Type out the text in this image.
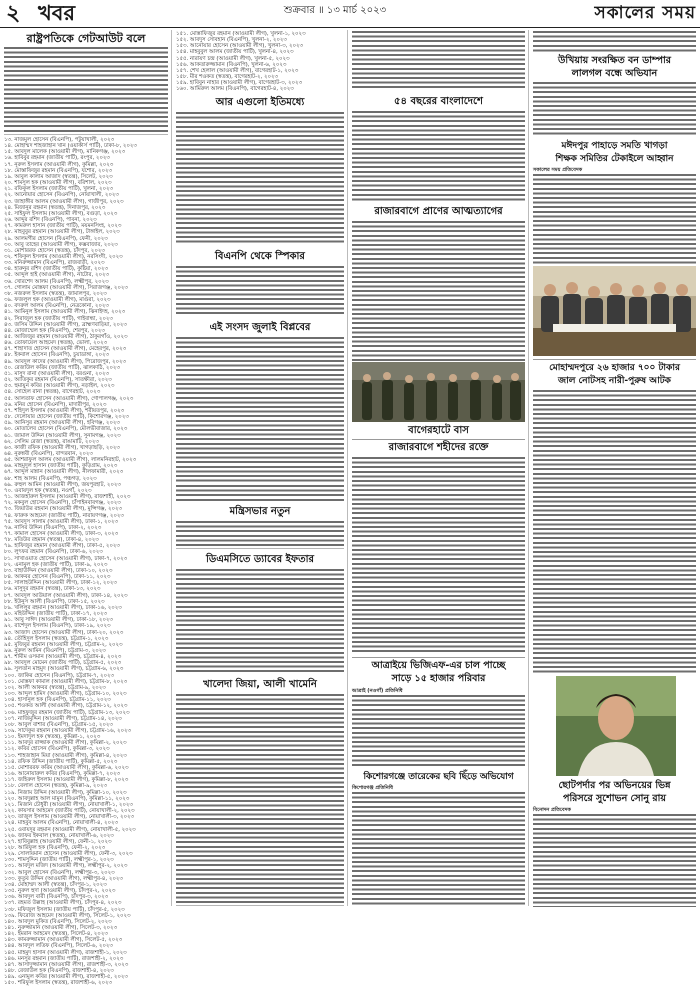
২ খবর	শুক্রবার ॥ ১৩ মার্চ ২০২৩	সকালের সময়
রাষ্ট্রপতিকে গেটআউট বলে
১৩. নাজমুল হোসেন (বিএনপি), পটুয়াখালী, ২০২৩
১৪. মোহাম্মদ শাহজাহান খান (ওয়ার্কার্স পার্টি), ঢাকা-৮, ২০২৩
১৫. আবদুল মালেক (আওয়ামী লীগ), মানিকগঞ্জ, ২০২৩
১৬. হাবিবুর রহমান (জাতীয় পার্টি), রংপুর, ২০২৩
১৭. নূরুল ইসলাম (আওয়ামী লীগ), কুমিল্লা, ২০২৩
১৮. মোস্তাফিজুর রহমান (বিএনপি), যশোর, ২০২৩
১৯. আবুল কালাম আজাদ (স্বতন্ত্র), সিলেট, ২০২৩
২০. শামসুল হক (আওয়ামী লীগ), বরিশাল, ২০২৩
২১. রফিকুল ইসলাম (জাতীয় পার্টি), খুলনা, ২০২৩
২২. আনোয়ার হোসেন (বিএনপি), নোয়াখালী, ২০২৩
২৩. জাহাঙ্গীর আলম (আওয়ামী লীগ), গাজীপুর, ২০২৩
২৪. মিজানুর রহমান (স্বতন্ত্র), দিনাজপুর, ২০২৩
২৫. সাইফুল ইসলাম (আওয়ামী লীগ), বগুড়া, ২০২৩
২৬. আব্দুর রশিদ (বিএনপি), পাবনা, ২০২৩
২৭. কামরুল হাসান (জাতীয় পার্টি), ময়মনসিংহ, ২০২৩
২৮. মাহবুবুর রহমান (আওয়ামী লীগ), টাঙ্গাইল, ২০২৩
২৯. আলমগীর হোসেন (বিএনপি), ফেনী, ২০২৩
৩০. আবু তাহের (আওয়ামী লীগ), কক্সবাজার, ২০২৩
৩১. মোশাররফ হোসেন (স্বতন্ত্র), চাঁদপুর, ২০২৩
৩২. শফিকুল ইসলাম (আওয়ামী লীগ), নরসিংদী, ২০২৩
৩৩. মনিরুজ্জামান (বিএনপি), রাজবাড়ী, ২০২৩
৩৪. হারুনুর রশিদ (জাতীয় পার্টি), কুষ্টিয়া, ২০২৩
৩৫. আব্দুল হাই (আওয়ামী লীগ), নাটোর, ২০২৩
৩৬. খোরশেদ আলম (বিএনপি), লক্ষ্মীপুর, ২০২৩
৩৭. গোলাম মোস্তফা (আওয়ামী লীগ), সিরাজগঞ্জ, ২০২৩
৩৮. নজরুল ইসলাম (স্বতন্ত্র), জামালপুর, ২০২৩
৩৯. ফজলুল হক (আওয়ামী লীগ), মাগুরা, ২০২৩
৪০. বদরুল আলম (বিএনপি), নেত্রকোনা, ২০২৩
৪১. আমিনুল ইসলাম (আওয়ামী লীগ), ঝিনাইদহ, ২০২৩
৪২. সিরাজুল হক (জাতীয় পার্টি), গাইবান্ধা, ২০২৩
৪৩. জসিম উদ্দিন (আওয়ামী লীগ), ব্রাহ্মণবাড়িয়া, ২০২৩
৪৪. মোজাম্মেল হক (বিএনপি), শেরপুর, ২০২৩
৪৫. আজিজুর রহমান (আওয়ামী লীগ), ঠাকুরগাঁও, ২০২৩
৪৬. তোফায়েল আহমেদ (স্বতন্ত্র), ভোলা, ২০২৩
৪৭. শাহাদাত হোসেন (আওয়ামী লীগ), মেহেরপুর, ২০২৩
৪৮. ইকবাল হোসেন (বিএনপি), চুয়াডাঙ্গা, ২০২৩
৪৯. আবদুল কাদের (আওয়ামী লীগ), পিরোজপুর, ২০২৩
৫০. রেজাউল করিম (জাতীয় পার্টি), ঝালকাঠি, ২০২৩
৫১. মাসুদ রানা (আওয়ামী লীগ), বরগুনা, ২০২৩
৫২. আতিকুর রহমান (বিএনপি), সাতক্ষীরা, ২০২৩
৫৩. হুমায়ুন কবির (আওয়ামী লীগ), নড়াইল, ২০২৩
৫৪. সোহেল রানা (স্বতন্ত্র), বাগেরহাট, ২০২৩
৫৫. আলতাফ হোসেন (আওয়ামী লীগ), গোপালগঞ্জ, ২০২৩
৫৬. মনির হোসেন (বিএনপি), মাদারীপুর, ২০২৩
৫৭. শহিদুল ইসলাম (আওয়ামী লীগ), শরীয়তপুর, ২০২৩
৫৮. দেলোয়ার হোসেন (জাতীয় পার্টি), কিশোরগঞ্জ, ২০২৩
৫৯. আনিসুর রহমান (আওয়ামী লীগ), হবিগঞ্জ, ২০২৩
৬০. মোতালেব হোসেন (বিএনপি), মৌলভীবাজার, ২০২৩
৬১. জামাল উদ্দিন (আওয়ামী লীগ), সুনামগঞ্জ, ২০২৩
৬২. সেলিম রেজা (স্বতন্ত্র), রাঙামাটি, ২০২৩
৬৩. কাজী রফিক (আওয়ামী লীগ), খাগড়াছড়ি, ২০২৩
৬৪. নুরুন্নবী (বিএনপি), বান্দরবান, ২০২৩
৬৫. আশরাফুল আলম (আওয়ামী লীগ), লালমনিরহাট, ২০২৩
৬৬. মাহমুদুল হাসান (জাতীয় পার্টি), কুড়িগ্রাম, ২০২৩
৬৭. আব্দুল মান্নান (আওয়ামী লীগ), নীলফামারী, ২০২৩
৬৮. শাহ আলম (বিএনপি), পঞ্চগড়, ২০২৩
৬৯. রুহুল আমিন (আওয়ামী লীগ), জয়পুরহাট, ২০২৩
৭০. ওবায়দুল হক (স্বতন্ত্র), নওগাঁ, ২০২৩
৭১. আজহারুল ইসলাম (আওয়ামী লীগ), রাজশাহী, ২০২৩
৭২. মকবুল হোসেন (বিএনপি), চাঁপাইনবাবগঞ্জ, ২০২৩
৭৩. জিয়াউর রহমান (আওয়ামী লীগ), মুন্সিগঞ্জ, ২০২৩
৭৪. ফারুক আহমেদ (জাতীয় পার্টি), নারায়ণগঞ্জ, ২০২৩
৭৫. আবদুস সালাম (আওয়ামী লীগ), ঢাকা-১, ২০২৩
৭৬. নাসির উদ্দিন (বিএনপি), ঢাকা-২, ২০২৩
৭৭. কামাল হোসেন (আওয়ামী লীগ), ঢাকা-৩, ২০২৩
৭৮. মতিউর রহমান (স্বতন্ত্র), ঢাকা-৪, ২০২৩
৭৯. হাফিজুর রহমান (আওয়ামী লীগ), ঢাকা-৫, ২০২৩
৮০. লুৎফর রহমান (বিএনপি), ঢাকা-৬, ২০২৩
৮১. সাখাওয়াত হোসেন (আওয়ামী লীগ), ঢাকা-৭, ২০২৩
৮২. এনামুল হক (জাতীয় পার্টি), ঢাকা-৯, ২০২৩
৮৩. বাহাউদ্দিন (আওয়ামী লীগ), ঢাকা-১০, ২০২৩
৮৪. আকবর হোসেন (বিএনপি), ঢাকা-১১, ২০২৩
৮৫. সালাহউদ্দিন (আওয়ামী লীগ), ঢাকা-১২, ২০২৩
৮৬. মাসুদুর রহমান (স্বতন্ত্র), ঢাকা-১৩, ২০২৩
৮৭. আবদুল আউয়াল (আওয়ামী লীগ), ঢাকা-১৪, ২০২৩
৮৮. ইউনুস আলী (বিএনপি), ঢাকা-১৫, ২০২৩
৮৯. খলিলুর রহমান (আওয়ামী লীগ), ঢাকা-১৬, ২০২৩
৯০. মহিউদ্দিন (জাতীয় পার্টি), ঢাকা-১৭, ২০২৩
৯১. আবু সাঈদ (আওয়ামী লীগ), ঢাকা-১৮, ২০২৩
৯২. রাশেদুল ইসলাম (বিএনপি), ঢাকা-১৯, ২০২৩
৯৩. আজাদ হোসেন (আওয়ামী লীগ), ঢাকা-২০, ২০২৩
৯৪. তৌহিদুল ইসলাম (স্বতন্ত্র), চট্টগ্রাম-১, ২০২৩
৯৫. মুজিবুর রহমান (আওয়ামী লীগ), চট্টগ্রাম-২, ২০২৩
৯৬. নুরুল আমিন (বিএনপি), চট্টগ্রাম-৩, ২০২৩
৯৭. শামীম ওসমান (আওয়ামী লীগ), চট্টগ্রাম-৪, ২০২৩
৯৮. আবদুল মোমেন (জাতীয় পার্টি), চট্টগ্রাম-৫, ২০২৩
৯৯. সুলতান মাহমুদ (আওয়ামী লীগ), চট্টগ্রাম-৬, ২০২৩
১০০. জাকির হোসেন (বিএনপি), চট্টগ্রাম-৭, ২০২৩
১০১. মোস্তফা কামাল (আওয়ামী লীগ), চট্টগ্রাম-৮, ২০২৩
১০২. আলী আকবর (স্বতন্ত্র), চট্টগ্রাম-৯, ২০২৩
১০৩. আব্দুল হামিদ (আওয়ামী লীগ), চট্টগ্রাম-১০, ২০২৩
১০৪. হাসানুল হক (বিএনপি), চট্টগ্রাম-১১, ২০২৩
১০৫. শওকত আলী (আওয়ামী লীগ), চট্টগ্রাম-১২, ২০২৩
১০৬. মাহফুজুর রহমান (জাতীয় পার্টি), চট্টগ্রাম-১৩, ২০২৩
১০৭. নাজিমুদ্দিন (আওয়ামী লীগ), চট্টগ্রাম-১৪, ২০২৩
১০৮. আবুল বাশার (বিএনপি), চট্টগ্রাম-১৫, ২০২৩
১০৯. সাদেকুর রহমান (আওয়ামী লীগ), চট্টগ্রাম-১৬, ২০২৩
১১০. ইমদাদুল হক (স্বতন্ত্র), কুমিল্লা-১, ২০২৩
১১১. আবদুর রাজ্জাক (আওয়ামী লীগ), কুমিল্লা-২, ২০২৩
১১২. কবির হোসেন (বিএনপি), কুমিল্লা-৩, ২০২৩
১১৩. শাহজাহান মিয়া (আওয়ামী লীগ), কুমিল্লা-৪, ২০২৩
১১৪. রফিক উদ্দিন (জাতীয় পার্টি), কুমিল্লা-৫, ২০২৩
১১৫. মোশাররফ করিম (আওয়ামী লীগ), কুমিল্লা-৬, ২০২৩
১১৬. আনোয়ারুল কবির (বিএনপি), কুমিল্লা-৭, ২০২৩
১১৭. জহিরুল ইসলাম (আওয়ামী লীগ), কুমিল্লা-৮, ২০২৩
১১৮. বেলাল হোসেন (স্বতন্ত্র), কুমিল্লা-৯, ২০২৩
১১৯. নিজাম উদ্দিন (আওয়ামী লীগ), কুমিল্লা-১০, ২০২৩
১২০. আবদুল্লাহ আল মামুন (বিএনপি), কুমিল্লা-১১, ২০২৩
১২১. মিজান চৌধুরী (আওয়ামী লীগ), নোয়াখালী-১, ২০২৩
১২২. কায়সার আহমেদ (জাতীয় পার্টি), নোয়াখালী-২, ২০২৩
১২৩. তাজুল ইসলাম (আওয়ামী লীগ), নোয়াখালী-৩, ২০২৩
১২৪. মাহবুব আলম (বিএনপি), নোয়াখালী-৪, ২০২৩
১২৫. ওবায়দুর রহমান (আওয়ামী লীগ), নোয়াখালী-৫, ২০২৩
১২৬. জাফর ইকবাল (স্বতন্ত্র), নোয়াখালী-৬, ২০২৩
১২৭. হাবিবুল্লাহ (আওয়ামী লীগ), ফেনী-১, ২০২৩
১২৮. আরিফুল হক (বিএনপি), ফেনী-২, ২০২৩
১২৯. সোলায়মান হোসেন (আওয়ামী লীগ), ফেনী-৩, ২০২৩
১৩০. শামসুদ্দিন (জাতীয় পার্টি), লক্ষ্মীপুর-১, ২০২৩
১৩১. আবদুল মজিদ (আওয়ামী লীগ), লক্ষ্মীপুর-২, ২০২৩
১৩২. আবুল হোসেন (বিএনপি), লক্ষ্মীপুর-৩, ২০২৩
১৩৩. কুতুব উদ্দিন (আওয়ামী লীগ), লক্ষ্মীপুর-৪, ২০২৩
১৩৪. মোহাম্মদ আলী (স্বতন্ত্র), চাঁদপুর-১, ২০২৩
১৩৫. নুরুল হুদা (আওয়ামী লীগ), চাঁদপুর-২, ২০২৩
১৩৬. আবদুল বারী (বিএনপি), চাঁদপুর-৩, ২০২৩
১৩৭. রহমত উল্লাহ (আওয়ামী লীগ), চাঁদপুর-৪, ২০২৩
১৩৮. মফিজুল ইসলাম (জাতীয় পার্টি), চাঁদপুর-৫, ২০২৩
১৩৯. ফিরোজ আহমেদ (আওয়ামী লীগ), সিলেট-১, ২০২৩
১৪০. আবদুল মুকিত (বিএনপি), সিলেট-২, ২০২৩
১৪১. নুরুজ্জামান (আওয়ামী লীগ), সিলেট-৩, ২০২৩
১৪২. ইমরান আহমেদ (স্বতন্ত্র), সিলেট-৪, ২০২৩
১৪৩. কামরুজ্জামান (আওয়ামী লীগ), সিলেট-৫, ২০২৩
১৪৪. আবদুল লতিফ (বিএনপি), সিলেট-৬, ২০২৩
১৪৫. মাহমুদ হাসান (আওয়ামী লীগ), রাজশাহী-১, ২০২৩
১৪৬. মনসুর রহমান (জাতীয় পার্টি), রাজশাহী-২, ২০২৩
১৪৭. আসাদুজ্জামান (আওয়ামী লীগ), রাজশাহী-৩, ২০২৩
১৪৮. রেজাউল হক (বিএনপি), রাজশাহী-৪, ২০২৩
১৪৯. এনামুল কবির (আওয়ামী লীগ), রাজশাহী-৫, ২০২৩
১৫০. শরিফুল ইসলাম (স্বতন্ত্র), রাজশাহী-৬, ২০২৩
১৫১. মোস্তাফিজুর রহমান (আওয়ামী লীগ), খুলনা-১, ২০২৩
১৫২. আবদুস সোবহান (বিএনপি), খুলনা-২, ২০২৩
১৫৩. আনোয়ার হোসেন (আওয়ামী লীগ), খুলনা-৩, ২০২৩
১৫৪. মাহবুবুল আলম (জাতীয় পার্টি), খুলনা-৪, ২০২৩
১৫৫. নারায়ণ চন্দ্র (আওয়ামী লীগ), খুলনা-৫, ২০২৩
১৫৬. আকতারুজ্জামান (বিএনপি), খুলনা-৬, ২০২৩
১৫৭. শেখ হেলাল (আওয়ামী লীগ), বাগেরহাট-১, ২০২৩
১৫৮. মীর শওকত (স্বতন্ত্র), বাগেরহাট-২, ২০২৩
১৫৯. হাবিবুন নাহার (আওয়ামী লীগ), বাগেরহাট-৩, ২০২৩
১৬০. আমিরুল আলম (বিএনপি), বাগেরহাট-৪, ২০২৩
আর এগুলো ইতিমধ্যে
বিএনপি থেকে স্পিকার
এই সংসদ জুলাই বিপ্লবের
মন্ত্রিসভার নতুন
ডিএমসিতে ড্যাবের ইফতার
খালেদা জিয়া, আলী খামেনি
৫৪ বছরের বাংলাদেশে
রাজারবাগে প্রাণের আত্মত্যাগের
বাগেরহাটে বাস
রাজারবাগে শহীদের রক্তে
আত্রাইয়ে ভিজিএফ-এর চাল পাচ্ছে
সাড়ে ১৫ হাজার পরিবার
আত্রাই (নওগাঁ) প্রতিনিধি
কিশোরগঞ্জে তারেকের ছবি ছিঁড়ে অভিযোগ
কিশোরগঞ্জ প্রতিনিধি
উখিয়ায় সংরক্ষিত বন ডাম্পার
লালগল বন্ধে অভিযান
মঈদপুর পাহাড়ে সমতি খাগড়া
শিক্ষক সমিতির টেকাইলে আহ্বান
সকালের সময় প্রতিবেদক
মোহাম্মদপুরে ২৬ হাজার ৭০০ টাকার
জাল নোটসহ নারী-পুরুষ আটক
ছোটপর্দার পর অভিনয়ের ভিন্ন
পরিসরে সুশোভন সোনু রায়
বিনোদন প্রতিবেদক
